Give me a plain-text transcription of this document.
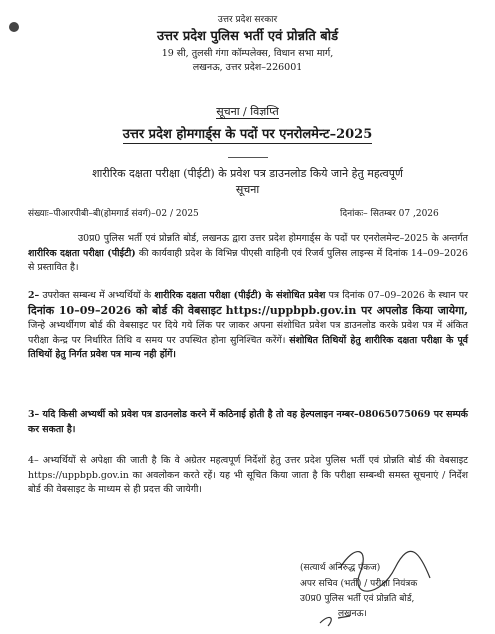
उत्तर प्रदेश सरकार
उत्तर प्रदेश पुलिस भर्ती एवं प्रोन्नति बोर्ड
19 सी, तुलसी गंगा कॉम्पलेक्स, विधान सभा मार्ग,
लखनऊ, उत्तर प्रदेश–226001
सूचना / विज्ञप्ति
उत्तर प्रदेश होमगार्ड्स के पदों पर एनरोलमेन्ट–2025
शारीरिक दक्षता परीक्षा (पीईटी) के प्रवेश पत्र डाउनलोड किये जाने हेतु महत्वपूर्ण
सूचना
संख्याः–पीआरपीबी–बी(होमगार्ड संवर्ग)–02 / 2025	दिनांकः– सितम्बर 07 ,2026

उ0प्र0 पुलिस भर्ती एवं प्रोन्नति बोर्ड, लखनऊ द्वारा उत्तर प्रदेश होमगार्ड्स के पदों पर एनरोलमेन्ट–2025 के अन्तर्गत शारीरिक दक्षता परीक्षा (पीईटी) की कार्यवाही प्रदेश के विभिन्न पीएसी वाहिनी एवं रिजर्व पुलिस लाइन्स में दिनांक 14–09–2026 से प्रस्तावित है।

2– उपरोक्त सम्बन्ध में अभ्यर्थियों के शारीरिक दक्षता परीक्षा (पीईटी) के संशोधित प्रवेश पत्र दिनांक 07–09–2026 के स्थान पर दिनांक 10–09–2026 को बोर्ड की वेबसाइट https://uppbpb.gov.in पर अपलोड किया जायेगा, जिन्हे अभ्यर्थीगण बोर्ड की वेबसाइट पर दिये गये लिंक पर जाकर अपना संशोधित प्रवेश पत्र डाउनलोड करके प्रवेश पत्र में अंकित परीक्षा केन्द्र पर निर्धारित तिथि व समय पर उपस्थित होना सुनिश्चित करेंगें। संशोधित तिथियों हेतु शारीरिक दक्षता परीक्षा के पूर्व तिथियों हेतु निर्गत प्रवेश पत्र मान्य नही होंगें।

3– यदि किसी अभ्यर्थी को प्रवेश पत्र डाउनलोड करने में कठिनाई होती है तो वह हेल्पलाइन नम्बर–08065075069 पर सम्पर्क कर सकता है।

4– अभ्यर्थियों से अपेक्षा की जाती है कि वे अग्रेतर महत्वपूर्ण निर्देशों हेतु उत्तर प्रदेश पुलिस भर्ती एवं प्रोन्नति बोर्ड की वेबसाइट https://uppbpb.gov.in का अवलोकन करते रहें। यह भी सूचित किया जाता है कि परीक्षा सम्बन्धी समस्त सूचनाएं / निर्देश बोर्ड की वेबसाइट के माध्यम से ही प्रदत्त की जायेगी।

(सत्यार्थ अनिरुद्ध पंकज)
अपर सचिव (भर्ती) / परीक्षा नियंत्रक
उ0प्र0 पुलिस भर्ती एवं प्रोन्नति बोर्ड,
लखनऊ।
